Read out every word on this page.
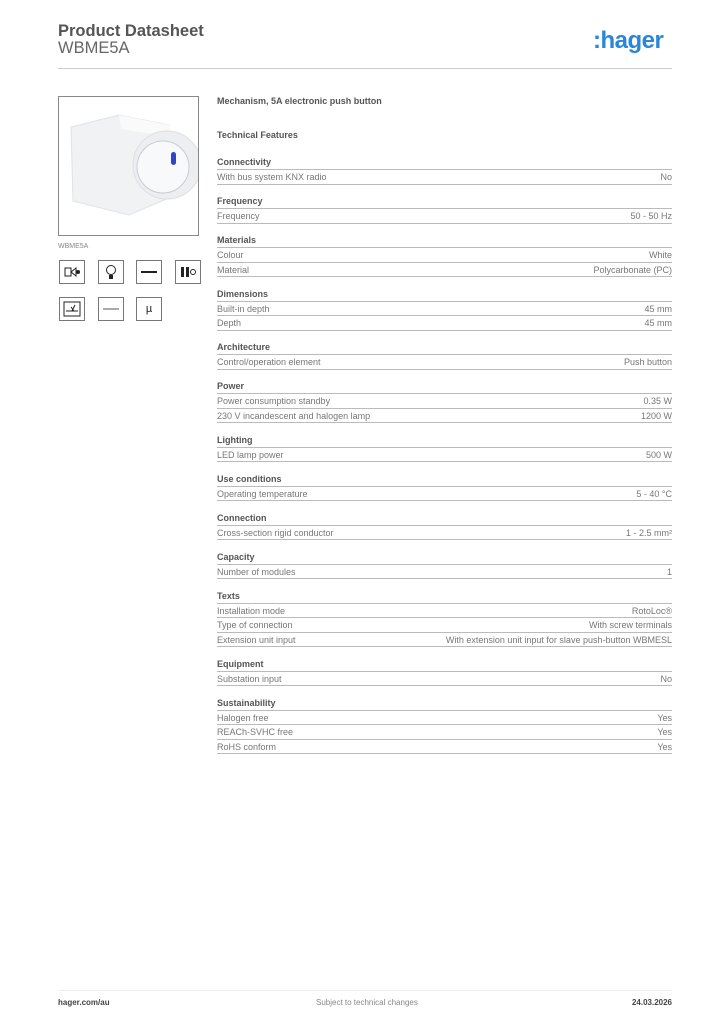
Product Datasheet
WBME5A	:hager
WBME5A
µ
Mechanism, 5A electronic push button
Technical Features
Connectivity
With bus system KNX radio	No
Frequency
Frequency	50 - 50 Hz
Materials
Colour	White
Material	Polycarbonate (PC)
Dimensions
Built-in depth	45 mm
Depth	45 mm
Architecture
Control/operation element	Push button
Power
Power consumption standby	0.35 W
230 V incandescent and halogen lamp	1200 W
Lighting
LED lamp power	500 W
Use conditions
Operating temperature	5 - 40 °C
Connection
Cross-section rigid conductor	1 - 2.5 mm²
Capacity
Number of modules	1
Texts
Installation mode	RotoLoc®
Type of connection	With screw terminals
Extension unit input	With extension unit input for slave push-button WBMESL
Equipment
Substation input	No
Sustainability
Halogen free	Yes
REACh-SVHC free	Yes
RoHS conform	Yes
hager.com/au	Subject to technical changes	24.03.2026
